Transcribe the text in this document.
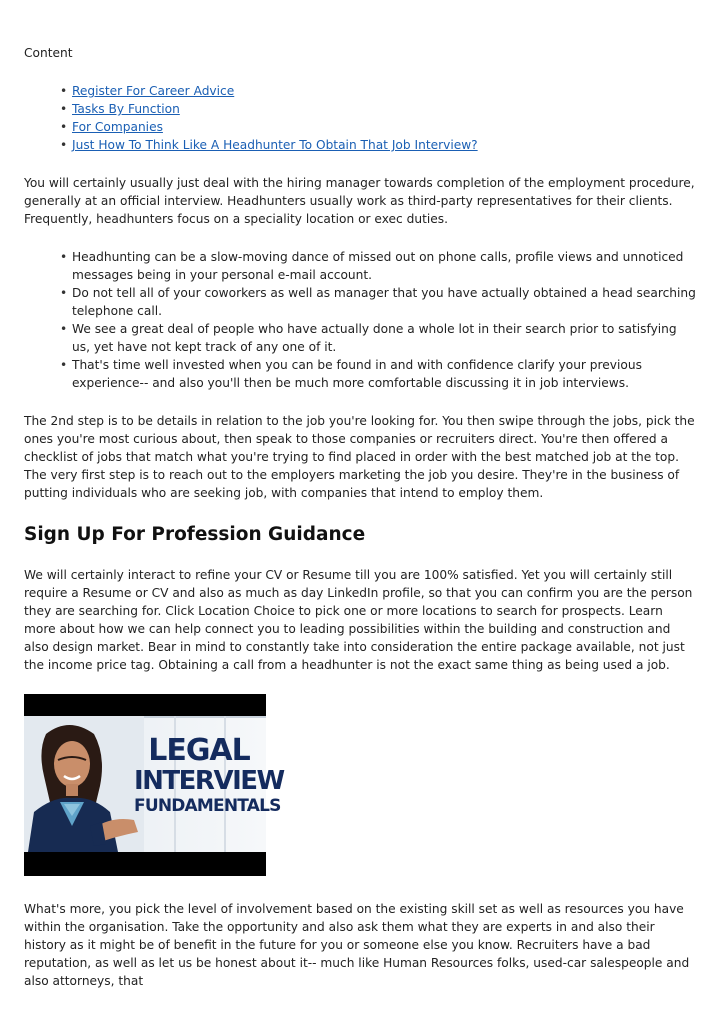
Content
• Register For Career Advice
• Tasks By Function
• For Companies
• Just How To Think Like A Headhunter To Obtain That Job Interview?

You will certainly usually just deal with the hiring manager towards completion of the employment procedure, generally at an official interview. Headhunters usually work as third-party representatives for their clients. Frequently, headhunters focus on a speciality location or exec duties.

• Headhunting can be a slow-moving dance of missed out on phone calls, profile views and unnoticed messages being in your personal e-mail account.
• Do not tell all of your coworkers as well as manager that you have actually obtained a head searching telephone call.
• We see a great deal of people who have actually done a whole lot in their search prior to satisfying us, yet have not kept track of any one of it.
• That's time well invested when you can be found in and with confidence clarify your previous experience-- and also you'll then be much more comfortable discussing it in job interviews.

The 2nd step is to be details in relation to the job you're looking for. You then swipe through the jobs, pick the ones you're most curious about, then speak to those companies or recruiters direct. You're then offered a checklist of jobs that match what you're trying to find placed in order with the best matched job at the top. The very first step is to reach out to the employers marketing the job you desire. They're in the business of putting individuals who are seeking job, with companies that intend to employ them.

Sign Up For Profession Guidance

We will certainly interact to refine your CV or Resume till you are 100% satisfied. Yet you will certainly still require a Resume or CV and also as much as day LinkedIn profile, so that you can confirm you are the person they are searching for. Click Location Choice to pick one or more locations to search for prospects. Learn more about how we can help connect you to leading possibilities within the building and construction and also design market. Bear in mind to constantly take into consideration the entire package available, not just the income price tag. Obtaining a call from a headhunter is not the exact same thing as being used a job.

LEGAL
INTERVIEW
FUNDAMENTALS

What's more, you pick the level of involvement based on the existing skill set as well as resources you have within the organisation. Take the opportunity and also ask them what they are experts in and also their history as it might be of benefit in the future for you or someone else you know. Recruiters have a bad reputation, as well as let us be honest about it-- much like Human Resources folks, used-car salespeople and also attorneys, that
